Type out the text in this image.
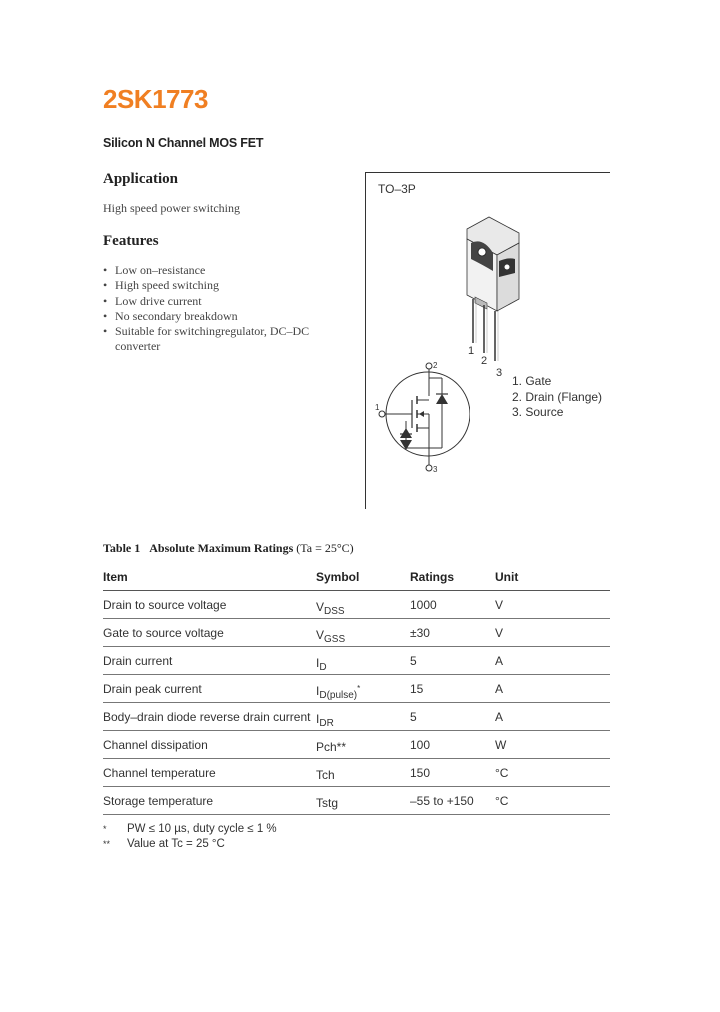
2SK1773
Silicon N Channel MOS FET
Application
High speed power switching
Features
• Low on–resistance
• High speed switching
• Low drive current
• No secondary breakdown
• Suitable for switchingregulator, DC–DC converter
TO–3P
1
2
3
1. Gate
2. Drain (Flange)
3. Source
2
3
1
Table 1 Absolute Maximum Ratings (Ta = 25°C)
Item	Symbol	Ratings	Unit
Drain to source voltage	$V_{DSS}$	1000	V
Gate to source voltage	$V_{GSS}$	±30	V
Drain current	$I_D$	5	A
Drain peak current	$I_{D(pulse)}^*$	15	A
Body–drain diode reverse drain current	$I_{DR}$	5	A
Channel dissipation	Pch**	100	W
Channel temperature	Tch	150	°C
Storage temperature	Tstg	–55 to +150	°C
*	PW ≤ 10 µs, duty cycle ≤ 1 %
**	Value at Tc = 25 °C
